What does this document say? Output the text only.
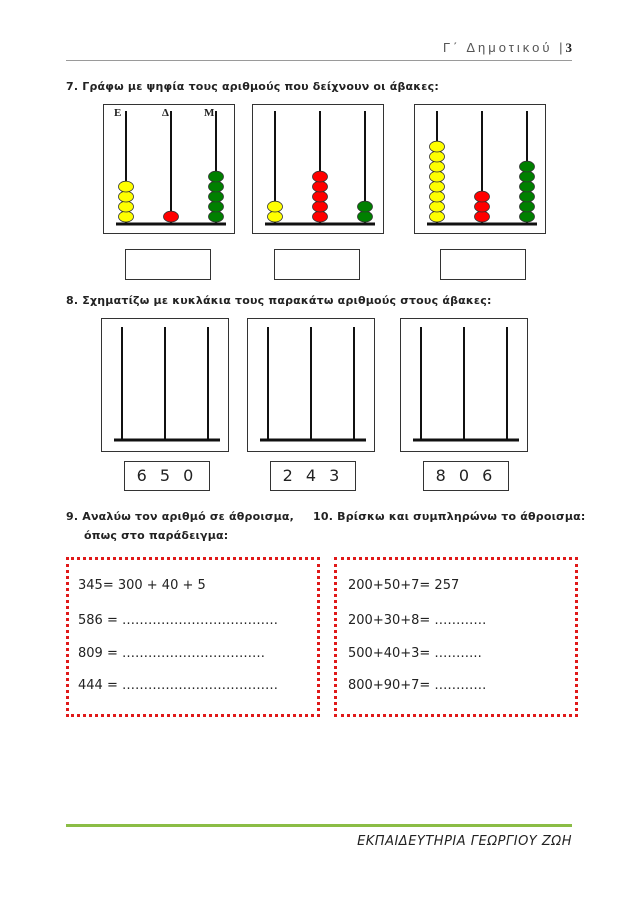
Γ΄ Δημοτικού |3
7. Γράφω με ψηφία τους αριθμούς που δείχνουν οι άβακες:
Ε	Δ	Μ
8. Σχηματίζω με κυκλάκια τους παρακάτω αριθμούς στους άβακες:
6 5 0	2 4 3	8 0 6
9. Αναλύω τον αριθμό σε άθροισμα,
όπως στο παράδειγμα:
10. Βρίσκω και συμπληρώνω το άθροισμα:
345= 300 + 40 + 5
586 = ………………………………
809 = ……………………………
444 = ………………………………
200+50+7= 257
200+30+8= …………
500+40+3= ………..
800+90+7= …………
ΕΚΠΑΙΔΕΥΤΗΡΙΑ ΓΕΩΡΓΙΟΥ ΖΩΗ
